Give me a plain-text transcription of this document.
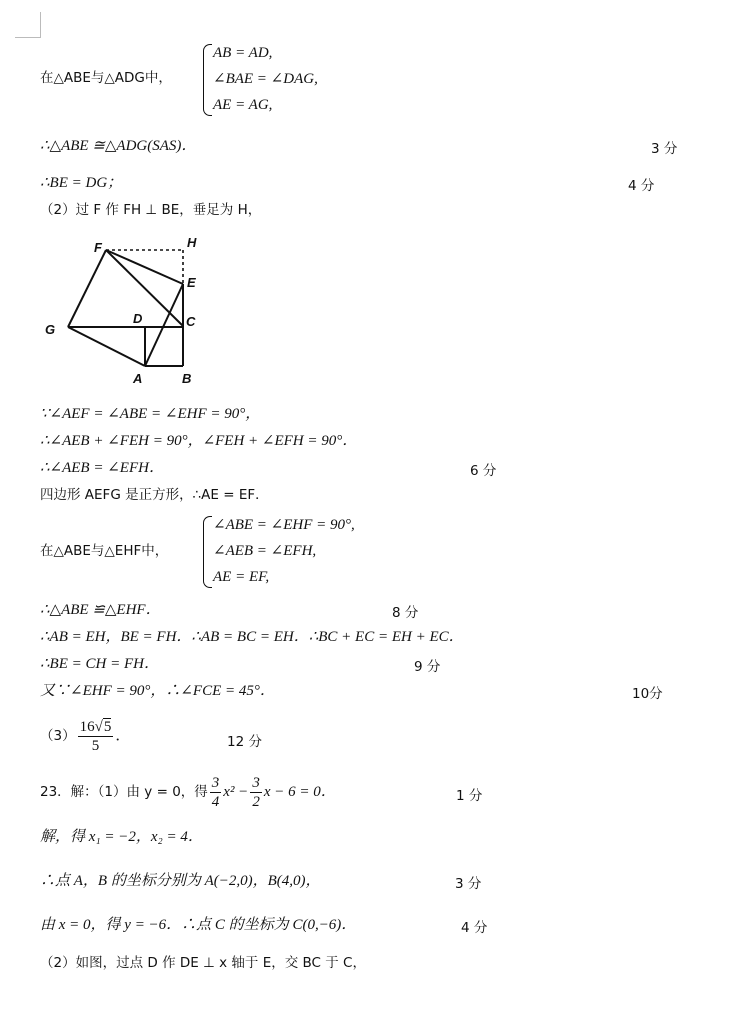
在△ABE与△ADG中，
AB = AD,
∠BAE = ∠DAG,
AE = AG,
∴△ABE ≅△ADG(SAS)．	3 分
∴BE = DG；	4 分
（2）过 F 作 FH ⊥ BE，垂足为 H，
F	H
E
G
D	C
A	B
∵∠AEF = ∠ABE = ∠EHF = 90°，
∴∠AEB + ∠FEH = 90°，∠FEH + ∠EFH = 90°．
∴∠AEB = ∠EFH．	6 分
四边形 AEFG 是正方形，∴AE = EF．
在△ABE与△EHF中，
∠ABE = ∠EHF = 90°,
∠AEB = ∠EFH,
AE = EF,
∴△ABE ≌△EHF．	8 分
∴AB = EH，BE = FH．∴AB = BC = EH．∴BC + EC = EH + EC．
∴BE = CH = FH．	9 分
又∵∠EHF = 90°，∴∠FCE = 45°．	10分
$(3) \frac{16√5}{5}$ ．	12 分
23．解：（1）由 y = 0，得 $\frac{3}{4} x^2 - \frac{3}{2}$ x − 6 = 0．	1 分
解，得 x₁ = −2，x₂ = 4．
∴点 A，B 的坐标分别为 A(−2,0)，B(4,0)，	3 分
由 x = 0，得 y = −6．∴点 C 的坐标为 C(0,−6)．	4 分
（2）如图，过点 D 作 DE ⊥ x 轴于 E，交 BC 于 C，
